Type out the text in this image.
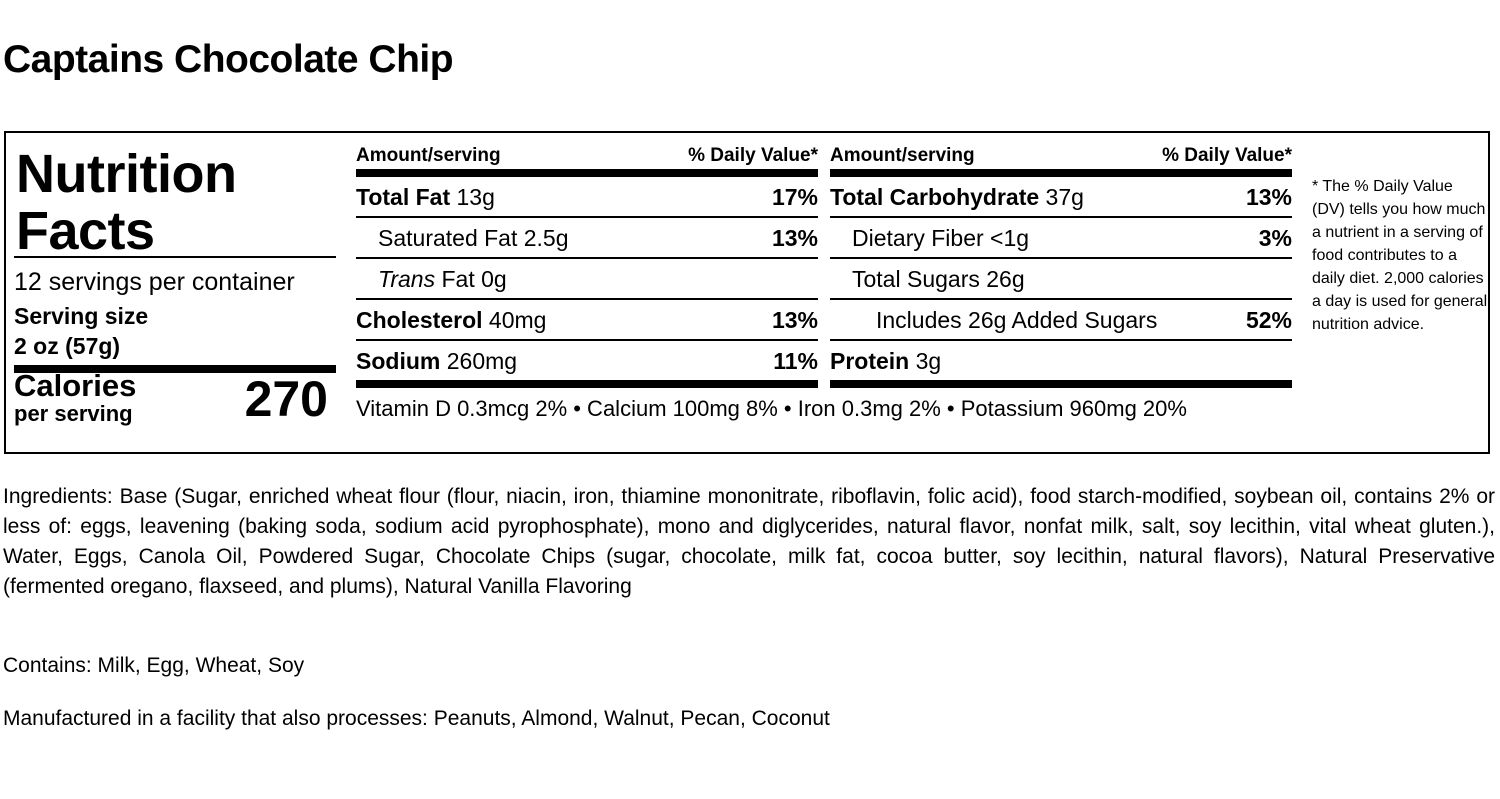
Captains Chocolate Chip
Nutrition
Facts
12 servings per container
Serving size
2 oz (57g)
Calories
per serving 270
Amount/serving	% Daily Value*
Total Fat 13g	17%
Saturated Fat 2.5g	13%
Trans Fat 0g
Cholesterol 40mg	13%
Sodium 260mg	11%
Amount/serving	% Daily Value*
Total Carbohydrate 37g	13%
Dietary Fiber <1g	3%
Total Sugars 26g
Includes 26g Added Sugars	52%
Protein 3g
Vitamin D 0.3mcg 2% • Calcium 100mg 8% • Iron 0.3mg 2% • Potassium 960mg 20%
* The % Daily Value (DV) tells you how much a nutrient in a serving of food contributes to a daily diet. 2,000 calories a day is used for general nutrition advice.
Ingredients: Base (Sugar, enriched wheat flour (flour, niacin, iron, thiamine mononitrate, riboflavin, folic acid), food starch-modified, soybean oil, contains 2% or less of: eggs, leavening (baking soda, sodium acid pyrophosphate), mono and diglycerides, natural flavor, nonfat milk, salt, soy lecithin, vital wheat gluten.), Water, Eggs, Canola Oil, Powdered Sugar, Chocolate Chips (sugar, chocolate, milk fat, cocoa butter, soy lecithin, natural flavors), Natural Preservative (fermented oregano, flaxseed, and plums), Natural Vanilla Flavoring
Contains: Milk, Egg, Wheat, Soy
Manufactured in a facility that also processes: Peanuts, Almond, Walnut, Pecan, Coconut
